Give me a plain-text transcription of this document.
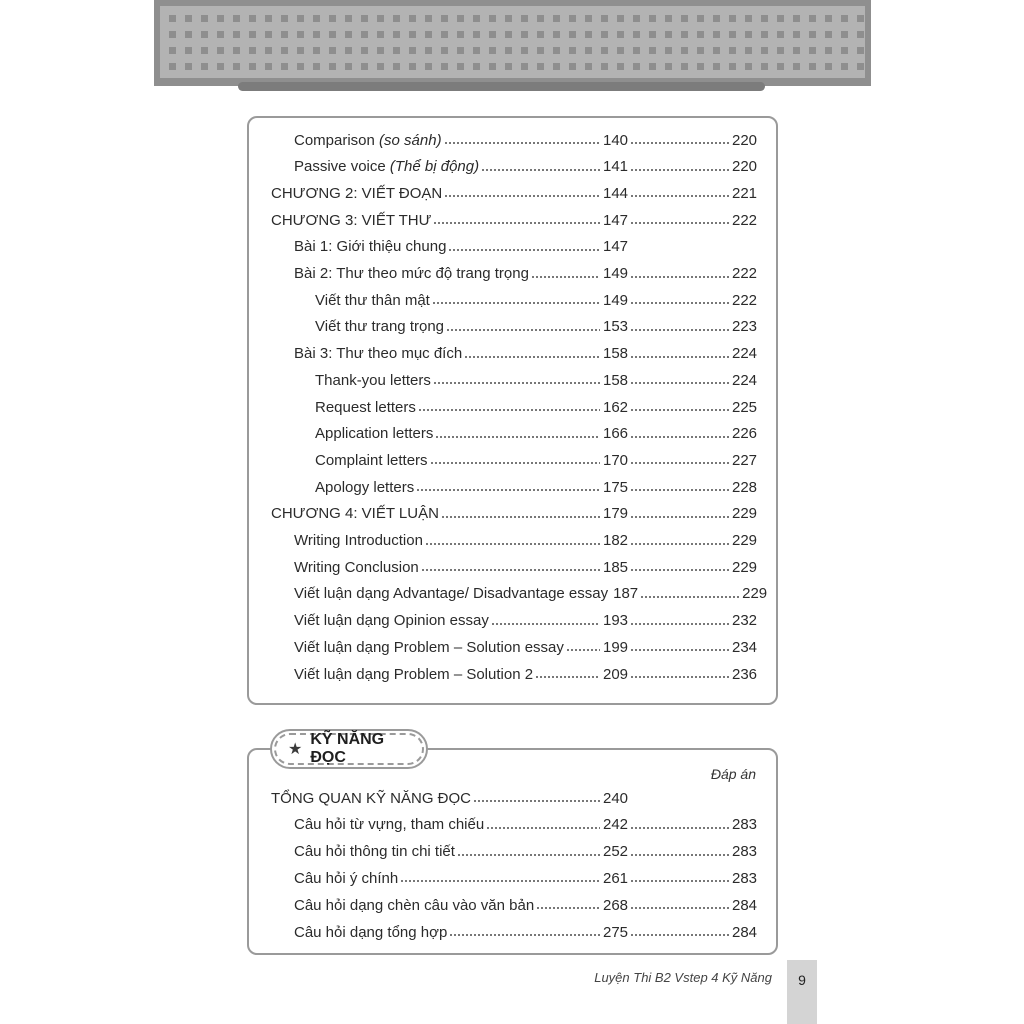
Comparison (so sánh)	140	220
Passive voice (Thể bị động)	141	220
CHƯƠNG 2: VIẾT ĐOẠN	144	221
CHƯƠNG 3: VIẾT THƯ	147	222
Bài 1: Giới thiệu chung	147
Bài 2: Thư theo mức độ trang trọng	149	222
Viết thư thân mật	149	222
Viết thư trang trọng	153	223
Bài 3: Thư theo mục đích	158	224
Thank-you letters	158	224
Request letters	162	225
Application letters	166	226
Complaint letters	170	227
Apology letters	175	228
CHƯƠNG 4: VIẾT LUẬN	179	229
Writing Introduction	182	229
Writing Conclusion	185	229
Viết luận dạng Advantage/ Disadvantage essay 187	229
Viết luận dạng Opinion essay	193	232
Viết luận dạng Problem – Solution essay	199	234
Viết luận dạng Problem – Solution 2	209	236
★
KỸ NĂNG ĐỌC
Đáp án
TỔNG QUAN KỸ NĂNG ĐỌC	240
Câu hỏi từ vựng, tham chiếu	242	283
Câu hỏi thông tin chi tiết	252	283
Câu hỏi ý chính	261	283
Câu hỏi dạng chèn câu vào văn bản	268	284
Câu hỏi dạng tổng hợp	275	284
Luyện Thi B2 Vstep 4 Kỹ Năng 9
